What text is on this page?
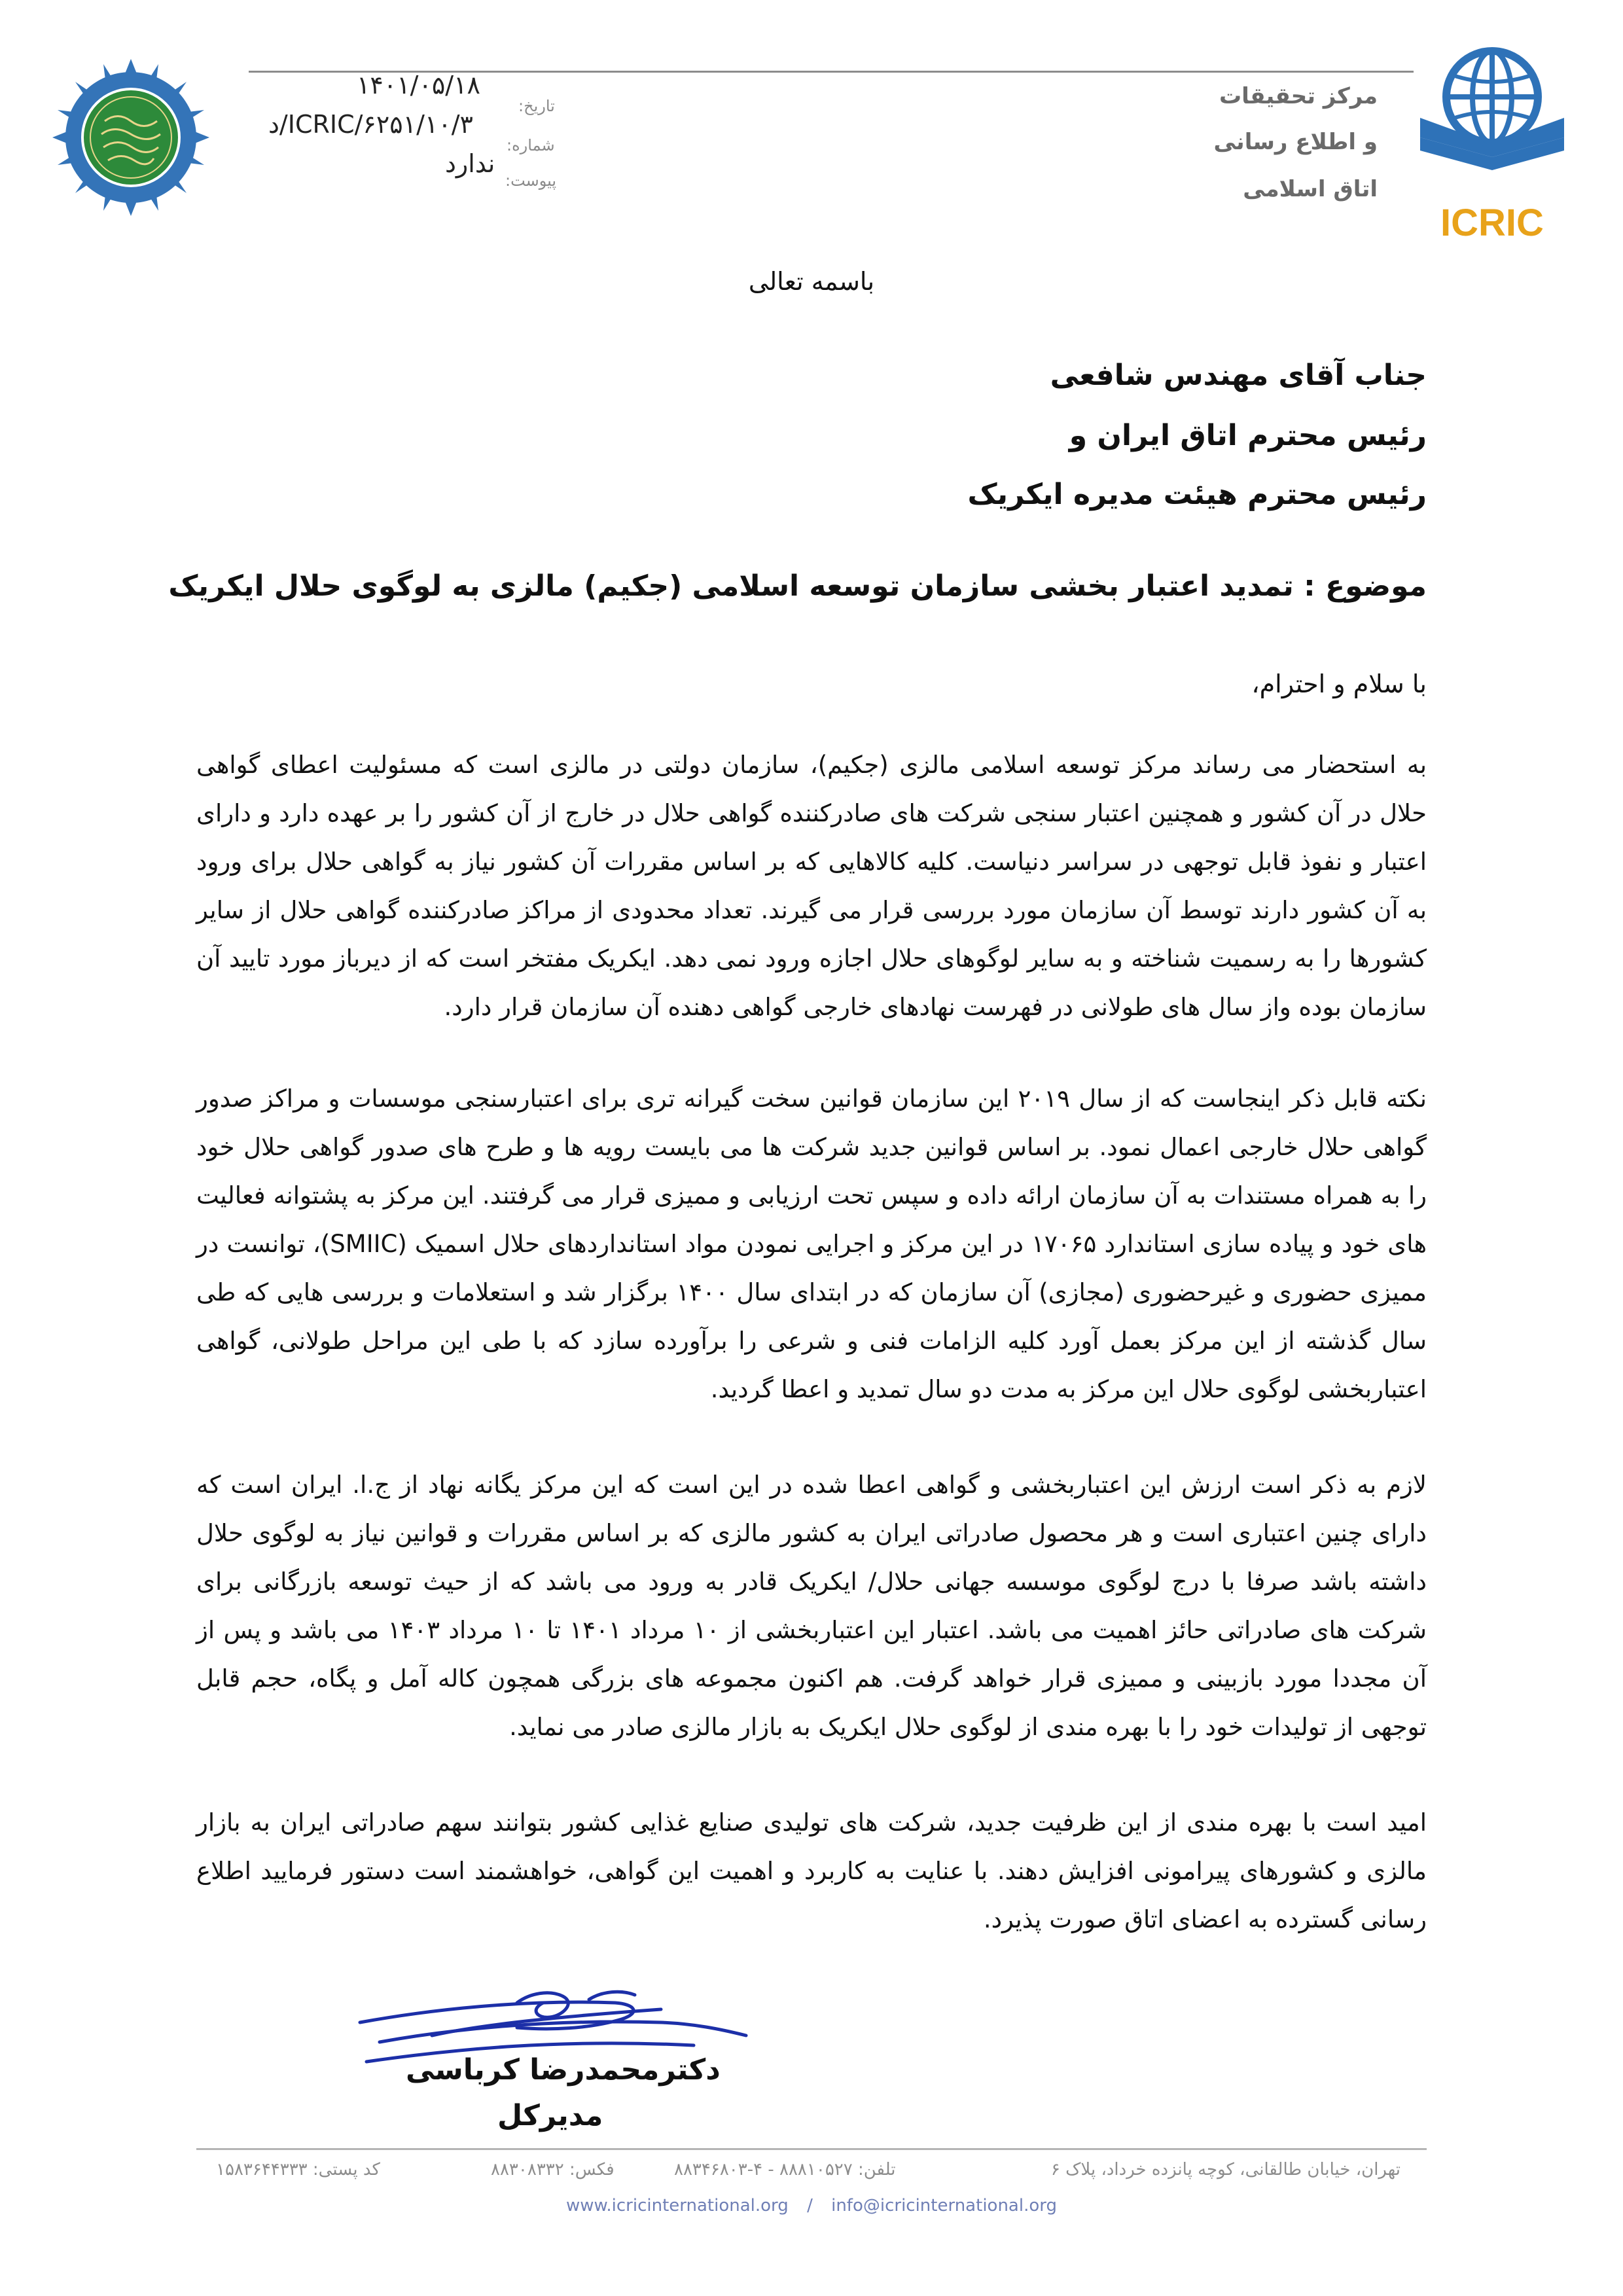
تاریخ:
شماره:
پیوست:
۱۴۰۱/۰۵/۱۸
۱۰/۳/ICRIC/۶۲۵۱/د
ندارد
مرکز تحقیقات
و اطلاع رسانی
اتاق اسلامی
ICRIC
باسمه تعالی
جناب آقای مهندس شافعی
رئیس محترم اتاق ایران و
رئیس محترم هیئت مدیره ایکریک
موضوع : تمدید اعتبار بخشی سازمان توسعه اسلامی (جکیم) مالزی به لوگوی حلال ایکریک
با سلام و احترام،
به استحضار می رساند مرکز توسعه اسلامی مالزی (جکیم)، سازمان دولتی در مالزی است که مسئولیت اعطای گواهی حلال در آن کشور و همچنین اعتبار سنجی شرکت های صادرکننده گواهی حلال در خارج از آن کشور را بر عهده دارد و دارای اعتبار و نفوذ قابل توجهی در سراسر دنیاست. کلیه کالاهایی که بر اساس مقررات آن کشور نیاز به گواهی حلال برای ورود به آن کشور دارند توسط آن سازمان مورد بررسی قرار می گیرند. تعداد محدودی از مراکز صادرکننده گواهی حلال از سایر کشورها را به رسمیت شناخته و به سایر لوگوهای حلال اجازه ورود نمی دهد. ایکریک مفتخر است که از دیرباز مورد تایید آن سازمان بوده واز سال های طولانی در فهرست نهادهای خارجی گواهی دهنده آن سازمان قرار دارد.
نکته قابل ذکر اینجاست که از سال ۲۰۱۹ این سازمان قوانین سخت گیرانه تری برای اعتبارسنجی موسسات و مراکز صدور گواهی حلال خارجی اعمال نمود. بر اساس قوانین جدید شرکت ها می بایست رویه ها و طرح های صدور گواهی حلال خود را به همراه مستندات به آن سازمان ارائه داده و سپس تحت ارزیابی و ممیزی قرار می گرفتند. این مرکز به پشتوانه فعالیت های خود و پیاده سازی استاندارد ۱۷۰۶۵ در این مرکز و اجرایی نمودن مواد استانداردهای حلال اسمیک (SMIIC)، توانست در ممیزی حضوری و غیرحضوری (مجازی) آن سازمان که در ابتدای سال ۱۴۰۰ برگزار شد و استعلامات و بررسی هایی که طی سال گذشته از این مرکز بعمل آورد کلیه الزامات فنی و شرعی را برآورده سازد که با طی این مراحل طولانی، گواهی اعتباربخشی لوگوی حلال این مرکز به مدت دو سال تمدید و اعطا گردید.
لازم به ذکر است ارزش این اعتباربخشی و گواهی اعطا شده در این است که این مرکز یگانه نهاد از ج.ا. ایران است که دارای چنین اعتباری است و هر محصول صادراتی ایران به کشور مالزی که بر اساس مقررات و قوانین نیاز به لوگوی حلال داشته باشد صرفا با درج لوگوی موسسه جهانی حلال/ ایکریک قادر به ورود می باشد که از حیث توسعه بازرگانی برای شرکت های صادراتی حائز اهمیت می باشد. اعتبار این اعتباربخشی از ۱۰ مرداد ۱۴۰۱ تا ۱۰ مرداد ۱۴۰۳ می باشد و پس از آن مجددا مورد بازبینی و ممیزی قرار خواهد گرفت. هم اکنون مجموعه های بزرگی همچون کاله آمل و پگاه، حجم قابل توجهی از تولیدات خود را با بهره مندی از لوگوی حلال ایکریک به بازار مالزی صادر می نماید.
امید است با بهره مندی از این ظرفیت جدید، شرکت های تولیدی صنایع غذایی کشور بتوانند سهم صادراتی ایران به بازار مالزی و کشورهای پیرامونی افزایش دهند. با عنایت به کاربرد و اهمیت این گواهی، خواهشمند است دستور فرمایید اطلاع رسانی گسترده به اعضای اتاق صورت پذیرد.
دکترمحمدرضا کرباسی
مدیرکل
تهران، خیابان طالقانی، کوچه پانزده خرداد، پلاک ۶
تلفن: ۸۸۸۱۰۵۲۷ - ۴-۸۸۳۴۶۸۰۳
فکس: ۸۸۳۰۸۳۳۲
کد پستی: ۱۵۸۳۶۴۴۳۳۳
www.icricinternational.org / info@icricinternational.org
